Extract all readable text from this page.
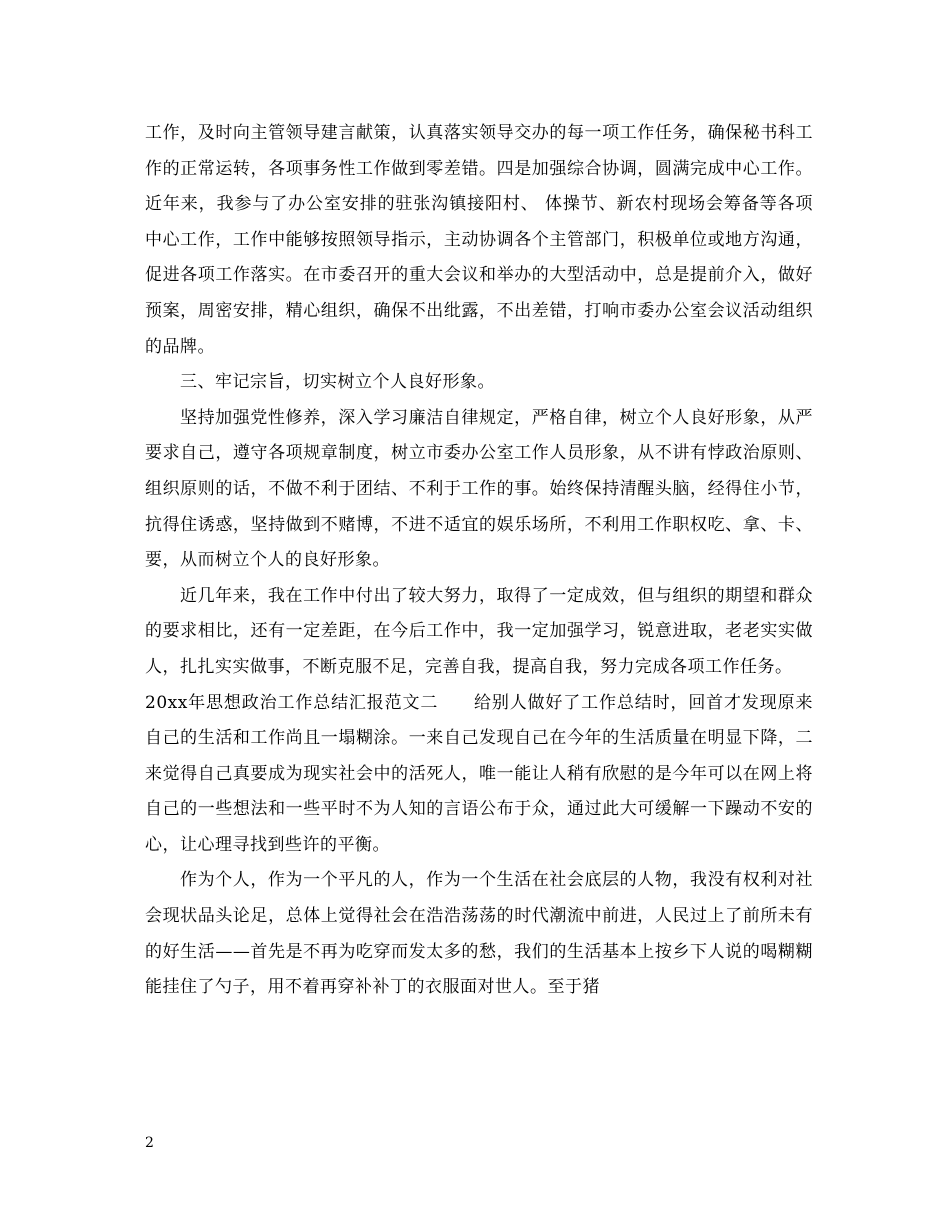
工作，及时向主管领导建言献策，认真落实领导交办的每一项工作任务，确保秘书科工作的正常运转，各项事务性工作做到零差错。四是加强综合协调，圆满完成中心工作。近年来，我参与了办公室安排的驻张沟镇接阳村、 体操节、新农村现场会筹备等各项中心工作，工作中能够按照领导指示，主动协调各个主管部门，积极单位或地方沟通，促进各项工作落实。在市委召开的重大会议和举办的大型活动中，总是提前介入，做好预案，周密安排，精心组织，确保不出纰露，不出差错，打响市委办公室会议活动组织的品牌。

三、牢记宗旨，切实树立个人良好形象。

坚持加强党性修养，深入学习廉洁自律规定，严格自律，树立个人良好形象，从严要求自己，遵守各项规章制度，树立市委办公室工作人员形象，从不讲有悖政治原则、组织原则的话，不做不利于团结、不利于工作的事。始终保持清醒头脑，经得住小节，抗得住诱惑，坚持做到不赌博，不进不适宜的娱乐场所，不利用工作职权吃、拿、卡、要，从而树立个人的良好形象。

近几年来，我在工作中付出了较大努力，取得了一定成效，但与组织的期望和群众的要求相比，还有一定差距，在今后工作中，我一定加强学习，锐意进取，老老实实做人，扎扎实实做事，不断克服不足，完善自我，提高自我，努力完成各项工作任务。

20xx年思想政治工作总结汇报范文二　　给别人做好了工作总结时，回首才发现原来自己的生活和工作尚且一塌糊涂。一来自己发现自己在今年的生活质量在明显下降，二来觉得自己真要成为现实社会中的活死人，唯一能让人稍有欣慰的是今年可以在网上将自己的一些想法和一些平时不为人知的言语公布于众，通过此大可缓解一下躁动不安的心，让心理寻找到些许的平衡。

作为个人，作为一个平凡的人，作为一个生活在社会底层的人物，我没有权利对社会现状品头论足，总体上觉得社会在浩浩荡荡的时代潮流中前进，人民过上了前所未有的好生活——首先是不再为吃穿而发太多的愁，我们的生活基本上按乡下人说的喝糊糊能挂住了勺子，用不着再穿补补丁的衣服面对世人。至于猪

2
